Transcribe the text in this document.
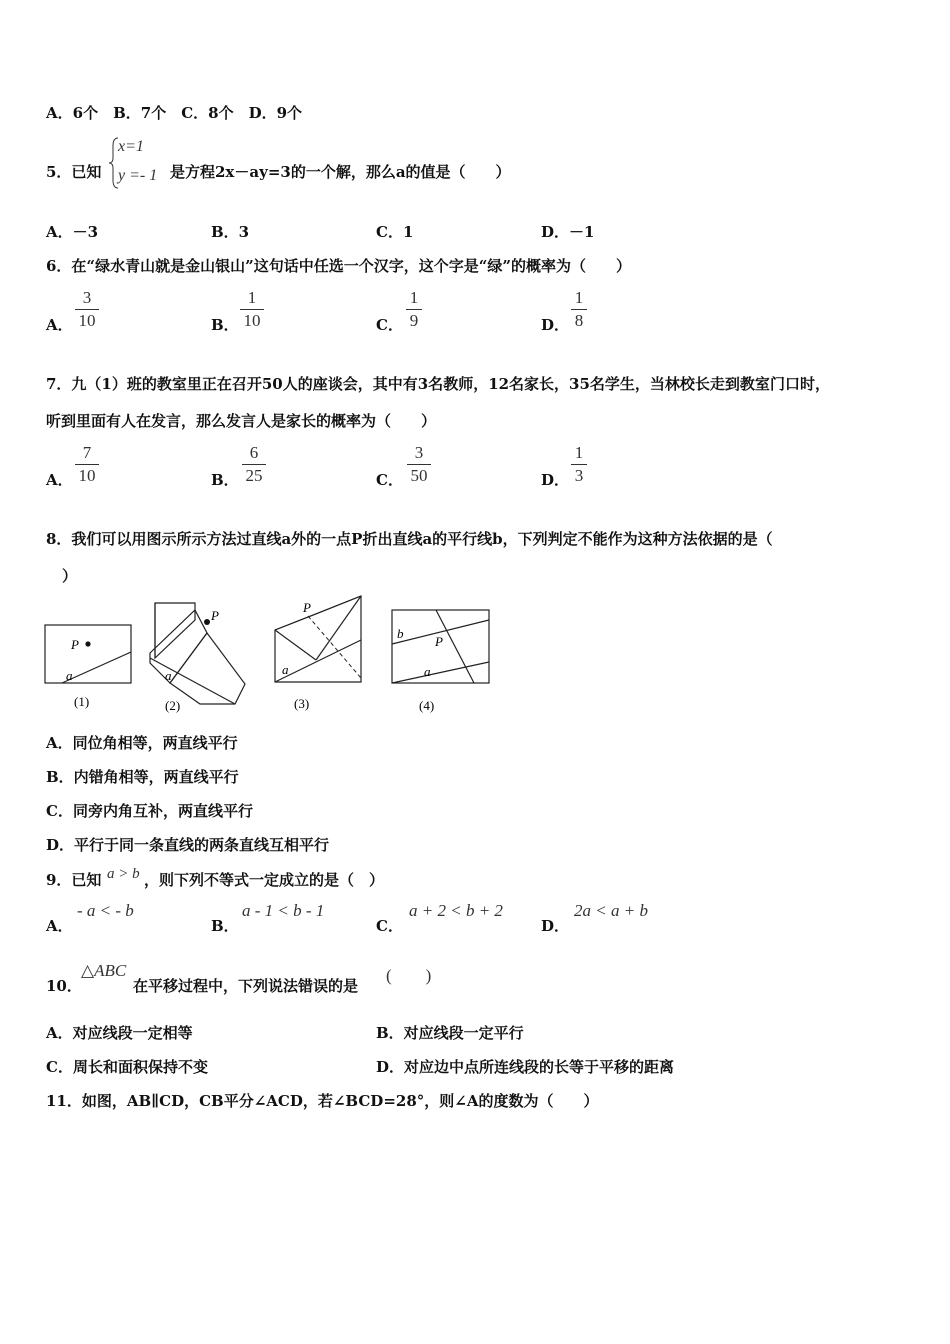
A．6个　B．7个　C．8个　D．9个
5．已知
x=1
y =- 1 是方程2x－ay=3的一个解，那么a的值是（　　）
A．－3	B．3	C．1	D．－1
6．在“绿水青山就是金山银山”这句话中任选一个汉字，这个字是“绿”的概率为（　　）
A．
3
10	B．
1
10	C．
1
9	D．
1
8
7．九（1）班的教室里正在召开50人的座谈会，其中有3名教师，12名家长，35名学生，当林校长走到教室门口时，
听到里面有人在发言，那么发言人是家长的概率为（　　）
A．
7
10	B．
6
25	C．
3
50	D．
1
3
8．我们可以用图示所示方法过直线a外的一点P折出直线a的平行线b，下列判定不能作为这种方法依据的是（
）
P
a
(1)
P
a
(2)
P
a
(3)
b
P
a
(4)
A．同位角相等，两直线平行
B．内错角相等，两直线平行
C．同旁内角互补，两直线平行
D．平行于同一条直线的两条直线互相平行
9．已知 a > b ，则下列不等式一定成立的是（　）
A．
- a < - b
B．
a - 1 < b - 1
C．
a + 2 < b + 2
D．
2a < a + b
10．
△ABC
在平移过程中，下列说法错误的是
(　　)
A．对应线段一定相等	B．对应线段一定平行
C．周长和面积保持不变	D．对应边中点所连线段的长等于平移的距离
11．如图，AB∥CD，CB平分∠ACD，若∠BCD=28°，则∠A的度数为（　　）
